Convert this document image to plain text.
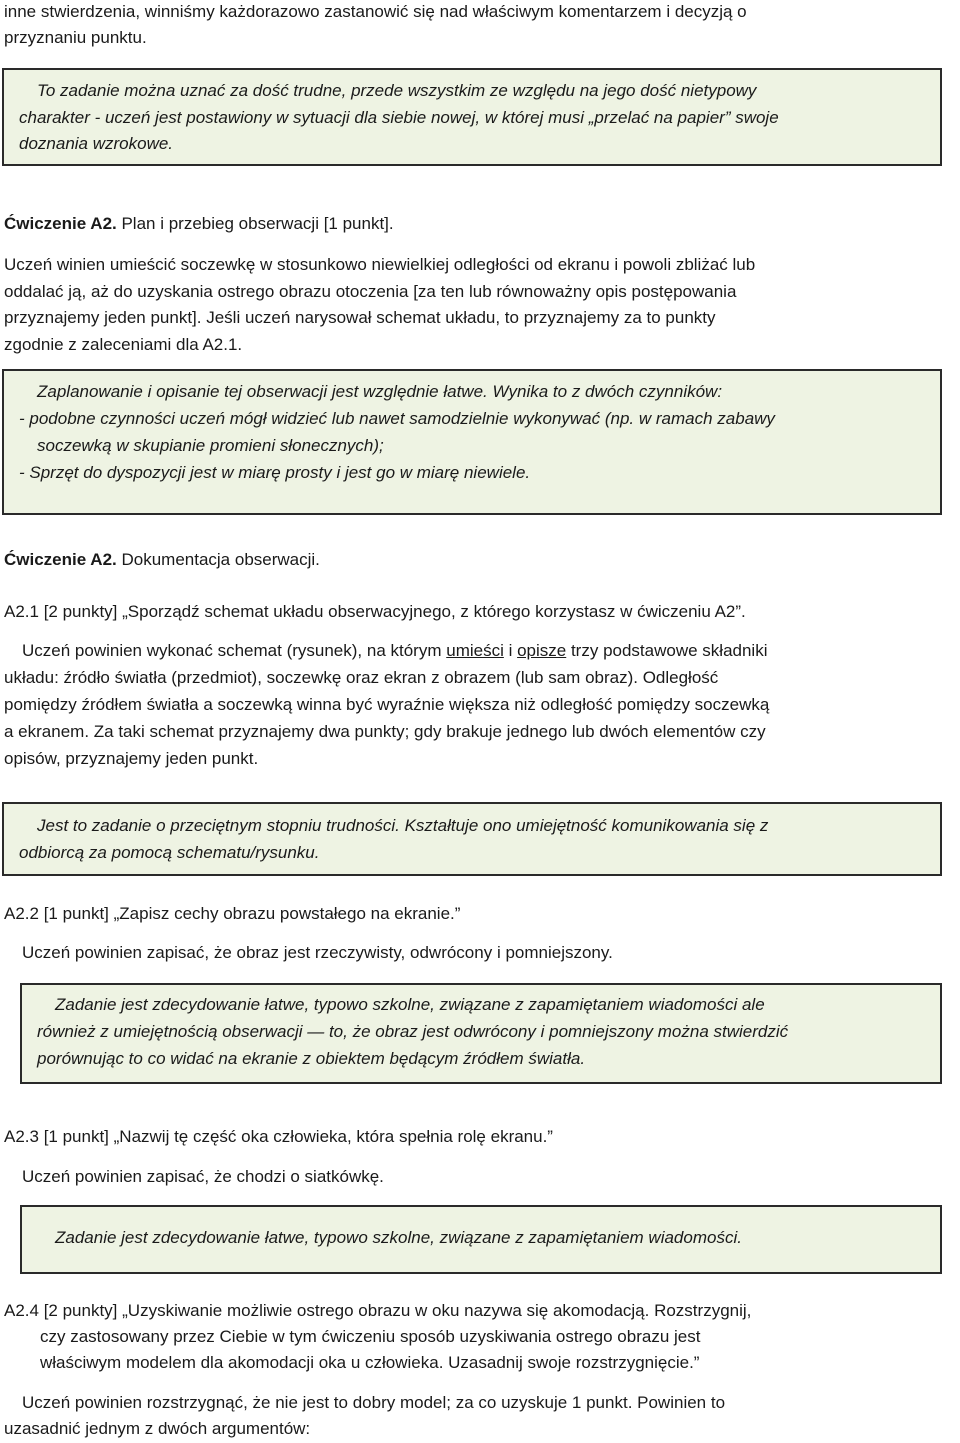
inne stwierdzenia, winniśmy każdorazowo zastanowić się nad właściwym komentarzem i decyzją o
przyznaniu punktu.
To zadanie można uznać za dość trudne, przede wszystkim ze względu na jego dość nietypowy
charakter - uczeń jest postawiony w sytuacji dla siebie nowej, w której musi „przelać na papier” swoje
doznania wzrokowe.
Ćwiczenie A2. Plan i przebieg obserwacji [1 punkt].
Uczeń winien umieścić soczewkę w stosunkowo niewielkiej odległości od ekranu i powoli zbliżać lub
oddalać ją, aż do uzyskania ostrego obrazu otoczenia [za ten lub równoważny opis postępowania
przyznajemy jeden punkt]. Jeśli uczeń narysował schemat układu, to przyznajemy za to punkty
zgodnie z zaleceniami dla A2.1.
Zaplanowanie i opisanie tej obserwacji jest względnie łatwe. Wynika to z dwóch czynników:
- podobne czynności uczeń mógł widzieć lub nawet samodzielnie wykonywać (np. w ramach zabawy
soczewką w skupianie promieni słonecznych);
- Sprzęt do dyspozycji jest w miarę prosty i jest go w miarę niewiele.
Ćwiczenie A2. Dokumentacja obserwacji.
A2.1 [2 punkty] „Sporządź schemat układu obserwacyjnego, z którego korzystasz w ćwiczeniu A2”.
Uczeń powinien wykonać schemat (rysunek), na którym umieści i opisze trzy podstawowe składniki
układu: źródło światła (przedmiot), soczewkę oraz ekran z obrazem (lub sam obraz). Odległość
pomiędzy źródłem światła a soczewką winna być wyraźnie większa niż odległość pomiędzy soczewką
a ekranem. Za taki schemat przyznajemy dwa punkty; gdy brakuje jednego lub dwóch elementów czy
opisów, przyznajemy jeden punkt.
Jest to zadanie o przeciętnym stopniu trudności. Kształtuje ono umiejętność komunikowania się z
odbiorcą za pomocą schematu/rysunku.
A2.2 [1 punkt] „Zapisz cechy obrazu powstałego na ekranie.”
Uczeń powinien zapisać, że obraz jest rzeczywisty, odwrócony i pomniejszony.
Zadanie jest zdecydowanie łatwe, typowo szkolne, związane z zapamiętaniem wiadomości ale
również z umiejętnością obserwacji — to, że obraz jest odwrócony i pomniejszony można stwierdzić
porównując to co widać na ekranie z obiektem będącym źródłem światła.
A2.3 [1 punkt] „Nazwij tę część oka człowieka, która spełnia rolę ekranu.”
Uczeń powinien zapisać, że chodzi o siatkówkę.
Zadanie jest zdecydowanie łatwe, typowo szkolne, związane z zapamiętaniem wiadomości.
A2.4 [2 punkty] „Uzyskiwanie możliwie ostrego obrazu w oku nazywa się akomodacją. Rozstrzygnij,
czy zastosowany przez Ciebie w tym ćwiczeniu sposób uzyskiwania ostrego obrazu jest
właściwym modelem dla akomodacji oka u człowieka. Uzasadnij swoje rozstrzygnięcie.”
Uczeń powinien rozstrzygnąć, że nie jest to dobry model; za co uzyskuje 1 punkt. Powinien to
uzasadnić jednym z dwóch argumentów:
